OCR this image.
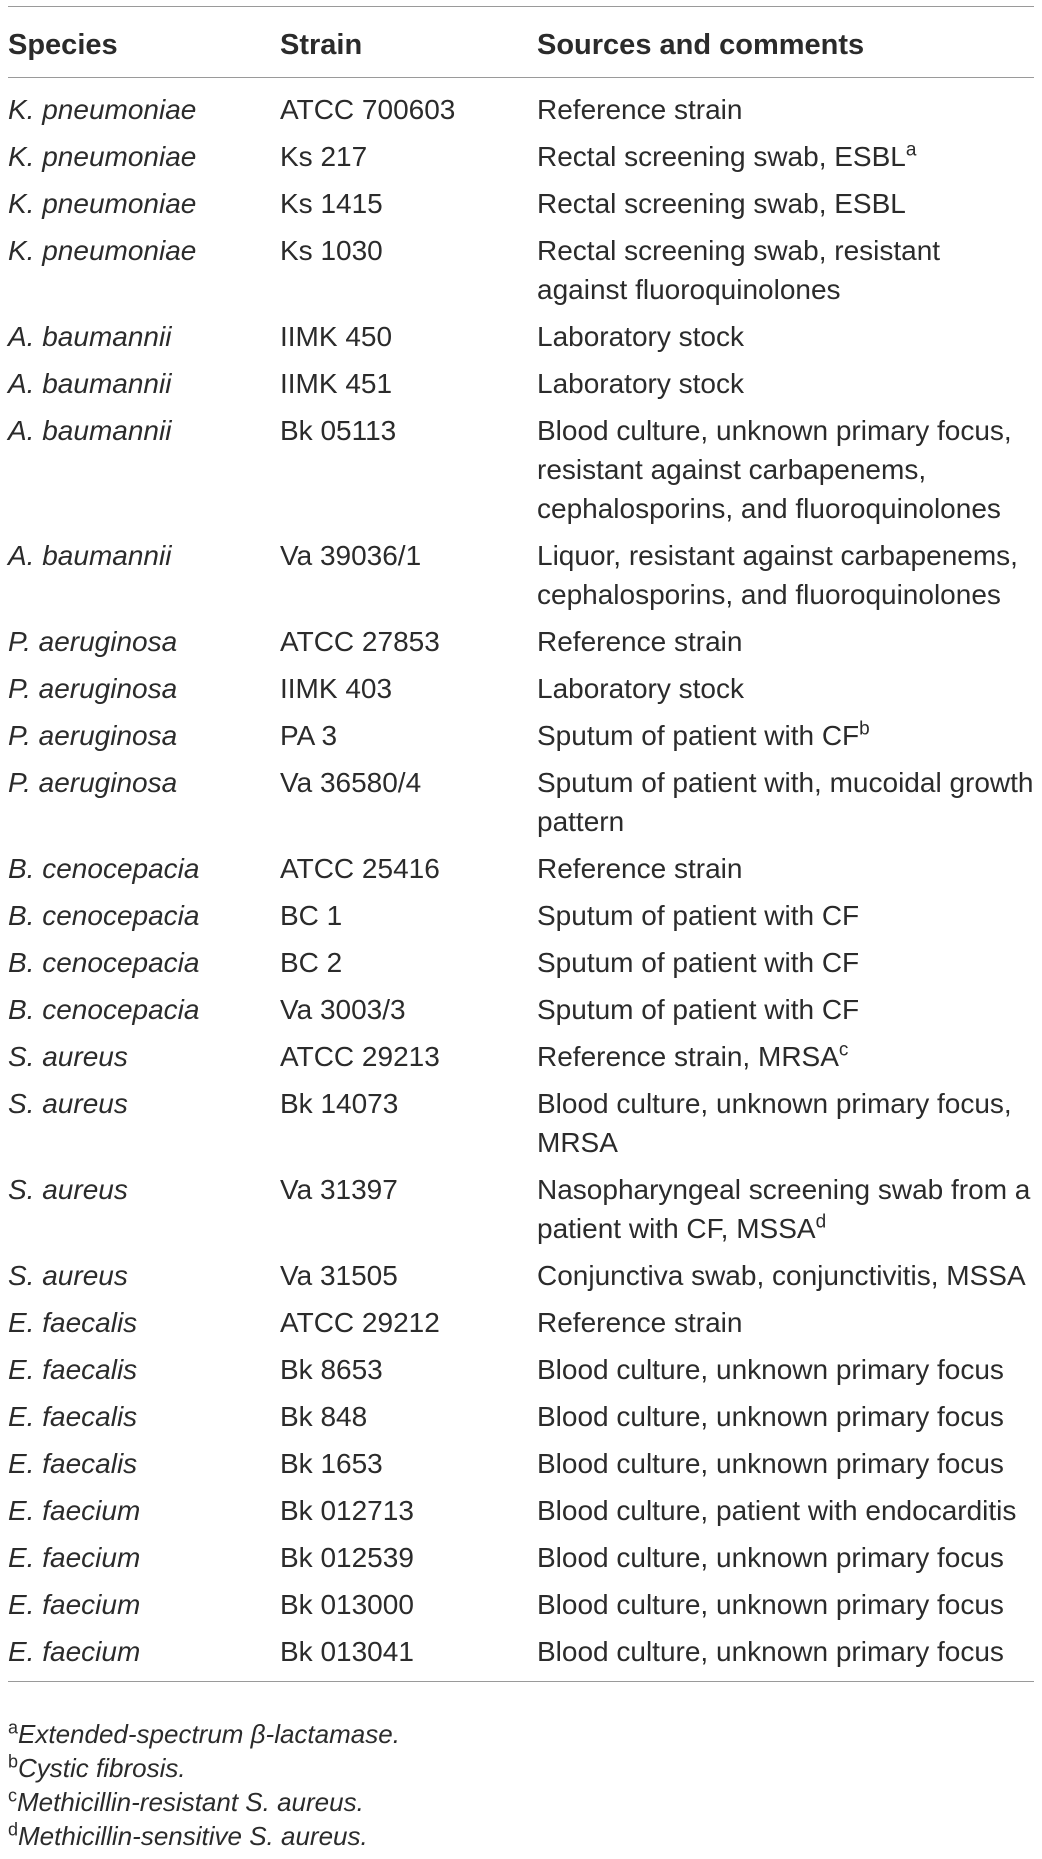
Species	Strain	Sources and comments
K. pneumoniae	ATCC 700603	Reference strain
K. pneumoniae	Ks 217	Rectal screening swab, ESBL$^a$
K. pneumoniae	Ks 1415	Rectal screening swab, ESBL
K. pneumoniae	Ks 1030	Rectal screening swab, resistant against fluoroquinolones
A. baumannii	IIMK 450	Laboratory stock
A. baumannii	IIMK 451	Laboratory stock
A. baumannii	Bk 05113	Blood culture, unknown primary focus, resistant against carbapenems, cephalosporins, and fluoroquinolones
A. baumannii	Va 39036/1	Liquor, resistant against carbapenems, cephalosporins, and fluoroquinolones
P. aeruginosa	ATCC 27853	Reference strain
P. aeruginosa	IIMK 403	Laboratory stock
P. aeruginosa	PA 3	Sputum of patient with $CF^b$
P. aeruginosa	Va 36580/4	Sputum of patient with, mucoidal growth pattern
B. cenocepacia	ATCC 25416	Reference strain
B. cenocepacia	BC 1	Sputum of patient with CF
B. cenocepacia	BC 2	Sputum of patient with CF
B. cenocepacia	Va 3003/3	Sputum of patient with CF
S. aureus	ATCC 29213	Reference strain, MRSA$^c$
S. aureus	Bk 14073	Blood culture, unknown primary focus, MRSA
S. aureus	Va 31397	Nasopharyngeal screening swab from a patient with CF, MSSA$^d$
S. aureus	Va 31505	Conjunctiva swab, conjunctivitis, MSSA
E. faecalis	ATCC 29212	Reference strain
E. faecalis	Bk 8653	Blood culture, unknown primary focus
E. faecalis	Bk 848	Blood culture, unknown primary focus
E. faecalis	Bk 1653	Blood culture, unknown primary focus
E. faecium	Bk 012713	Blood culture, patient with endocarditis
E. faecium	Bk 012539	Blood culture, unknown primary focus
E. faecium	Bk 013000	Blood culture, unknown primary focus
E. faecium	Bk 013041	Blood culture, unknown primary focus
$^a$Extended-spectrum β-lactamase.
$^b$Cystic fibrosis.
$^c$Methicillin-resistant S. aureus.
$^d$Methicillin-sensitive S. aureus.
